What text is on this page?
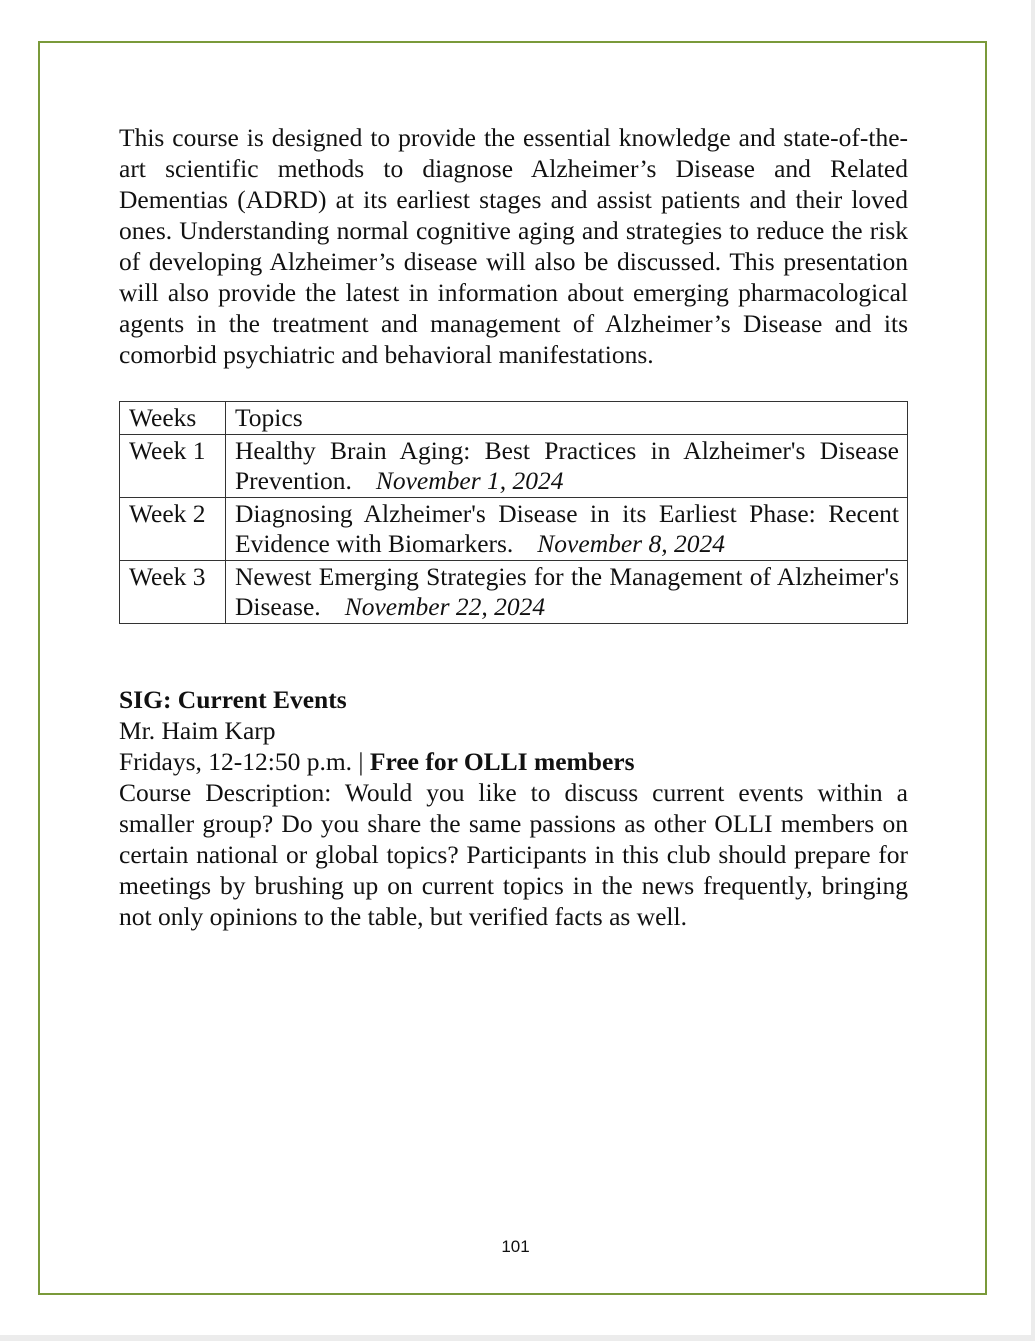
This course is designed to provide the essential knowledge and state-of-the-art scientific methods to diagnose Alzheimer’s Disease and Related Dementias (ADRD) at its earliest stages and assist patients and their loved ones. Understanding normal cognitive aging and strategies to reduce the risk of developing Alzheimer’s disease will also be discussed. This presentation will also provide the latest in information about emerging pharmacological agents in the treatment and management of Alzheimer’s Disease and its comorbid psychiatric and behavioral manifestations.

Weeks	Topics
Week 1	Healthy Brain Aging: Best Practices in Alzheimer's Disease Prevention. November 1, 2024
Week 2	Diagnosing Alzheimer's Disease in its Earliest Phase: Recent Evidence with Biomarkers. November 8, 2024
Week 3	Newest Emerging Strategies for the Management of Alzheimer's Disease. November 22, 2024
SIG: Current Events
Mr. Haim Karp
Fridays, 12-12:50 p.m. | Free for OLLI members
Course Description: Would you like to discuss current events within a smaller group? Do you share the same passions as other OLLI members on certain national or global topics? Participants in this club should prepare for meetings by brushing up on current topics in the news frequently, bringing not only opinions to the table, but verified facts as well.
101
